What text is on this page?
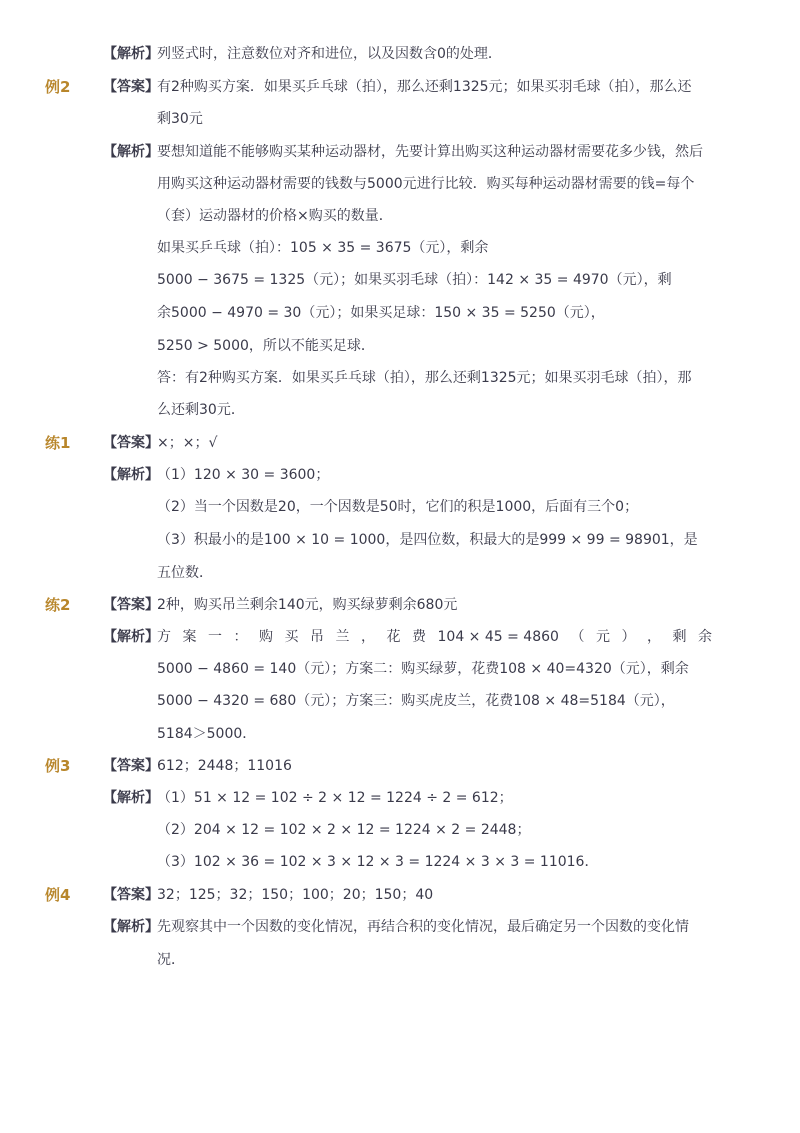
【解析】
列竖式时，注意数位对齐和进位，以及因数含0的处理．
例2 【答案】
有2种购买方案．如果买乒乓球（拍），那么还剩1325元；如果买羽毛球（拍），那么还
剩30元
【解析】
要想知道能不能够购买某种运动器材，先要计算出购买这种运动器材需要花多少钱，然后
用购买这种运动器材需要的钱数与5000元进行比较．购买每种运动器材需要的钱=每个
（套）运动器材的价格×购买的数量．
如果买乒乓球（拍）：105 × 35 = 3675（元），剩余
5000 − 3675 = 1325（元）；如果买羽毛球（拍）：142 × 35 = 4970（元），剩
余5000 − 4970 = 30（元）；如果买足球：150 × 35 = 5250（元），
5250 > 5000，所以不能买足球．
答：有2种购买方案．如果买乒乓球（拍），那么还剩1325元；如果买羽毛球（拍），那
么还剩30元．
练1 【答案】
×；×；√
【解析】
（1）120 × 30 = 3600；
（2）当一个因数是20，一个因数是50时，它们的积是1000，后面有三个0；
（3）积最小的是100 × 10 = 1000，是四位数，积最大的是999 × 99 = 98901，是
五位数．
练2 【答案】
2种，购买吊兰剩余140元，购买绿萝剩余680元
【解析】
方 案 一 ： 购 买 吊 兰 ， 花 费 104 × 45 = 4860 （ 元 ） ， 剩 余
5000 − 4860 = 140（元）；方案二：购买绿萝，花费108 × 40=4320（元），剩余
5000 − 4320 = 680（元）；方案三：购买虎皮兰，花费108 × 48=5184（元），
5184＞5000．
例3 【答案】
612；2448；11016
【解析】
（1）51 × 12 = 102 ÷ 2 × 12 = 1224 ÷ 2 = 612；
（2）204 × 12 = 102 × 2 × 12 = 1224 × 2 = 2448；
（3）102 × 36 = 102 × 3 × 12 × 3 = 1224 × 3 × 3 = 11016．
例4 【答案】
32；125；32；150；100；20；150；40
【解析】
先观察其中一个因数的变化情况，再结合积的变化情况，最后确定另一个因数的变化情
况．
